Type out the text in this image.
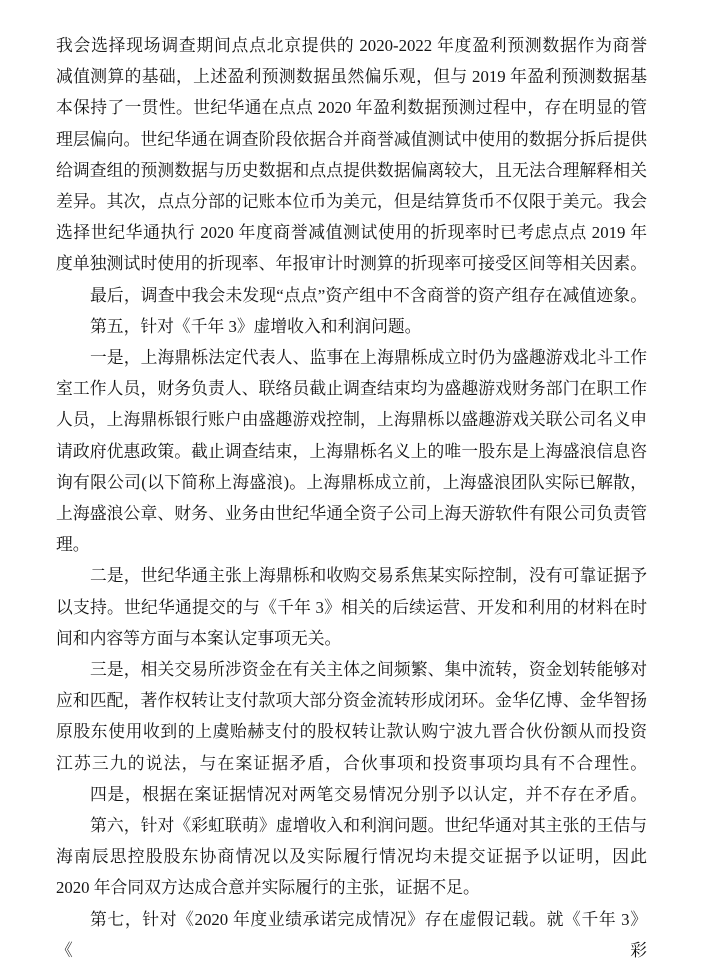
我会选择现场调查期间点点北京提供的 2020-2022 年度盈利预测数据作为商誉
减值测算的基础，上述盈利预测数据虽然偏乐观，但与 2019 年盈利预测数据基
本保持了一贯性。世纪华通在点点 2020 年盈利数据预测过程中，存在明显的管
理层偏向。世纪华通在调查阶段依据合并商誉减值测试中使用的数据分拆后提供
给调查组的预测数据与历史数据和点点提供数据偏离较大，且无法合理解释相关
差异。其次，点点分部的记账本位币为美元，但是结算货币不仅限于美元。我会
选择世纪华通执行 2020 年度商誉减值测试使用的折现率时已考虑点点 2019 年
度单独测试时使用的折现率、年报审计时测算的折现率可接受区间等相关因素。
最后，调查中我会未发现“点点”资产组中不含商誉的资产组存在减值迹象。
第五，针对《千年 3》虚增收入和利润问题。
一是，上海鼎栎法定代表人、监事在上海鼎栎成立时仍为盛趣游戏北斗工作
室工作人员，财务负责人、联络员截止调查结束均为盛趣游戏财务部门在职工作
人员，上海鼎栎银行账户由盛趣游戏控制，上海鼎栎以盛趣游戏关联公司名义申
请政府优惠政策。截止调查结束，上海鼎栎名义上的唯一股东是上海盛浪信息咨
询有限公司(以下简称上海盛浪)。上海鼎栎成立前，上海盛浪团队实际已解散，
上海盛浪公章、财务、业务由世纪华通全资子公司上海天游软件有限公司负责管
理。
二是，世纪华通主张上海鼎栎和收购交易系焦某实际控制，没有可靠证据予
以支持。世纪华通提交的与《千年 3》相关的后续运营、开发和利用的材料在时
间和内容等方面与本案认定事项无关。
三是，相关交易所涉资金在有关主体之间频繁、集中流转，资金划转能够对
应和匹配，著作权转让支付款项大部分资金流转形成闭环。金华亿博、金华智扬
原股东使用收到的上虞贻赫支付的股权转让款认购宁波九晋合伙份额从而投资
江苏三九的说法，与在案证据矛盾，合伙事项和投资事项均具有不合理性。
四是，根据在案证据情况对两笔交易情况分别予以认定，并不存在矛盾。
第六，针对《彩虹联萌》虚增收入和利润问题。世纪华通对其主张的王佶与
海南辰思控股股东协商情况以及实际履行情况均未提交证据予以证明，因此
2020 年合同双方达成合意并实际履行的主张，证据不足。
第七，针对《2020 年度业绩承诺完成情况》存在虚假记载。就《千年 3》《彩
